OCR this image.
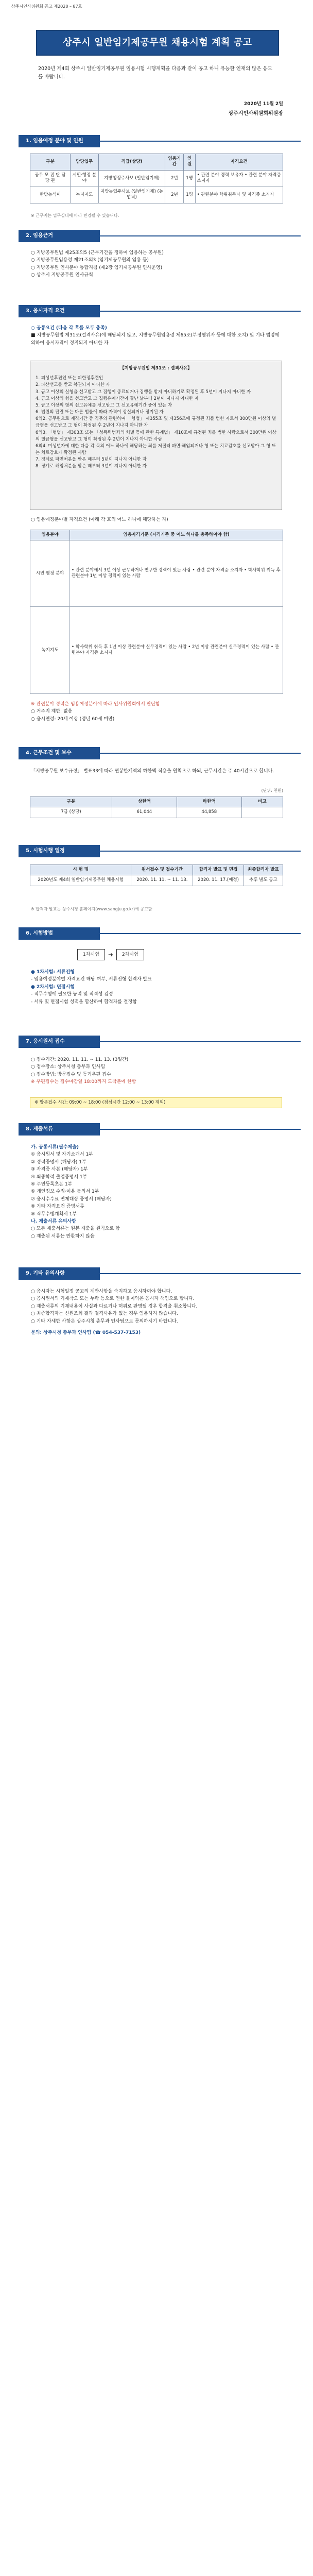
상주시인사위원회 공고 제2020 – 87호
상주시 일반임기제공무원 채용시험 계획 공고
2020년 제4회 상주시 일반임기제공무원 임용시험 시행계획을 다음과 같이 공고 하니 유능한 인재의 많은 응모를 바랍니다.
2020년 11월 2일
상주시인사위원회위원장
1. 임용예정 분야 및 인원
구분	담당업무	직급(상당)	임용기간	인원	자격요건
공무 모 집 단 담 당 관	시민·행정 분야	지방행정주사보 (일반임기제)	2년	1명	• 관련 분야 경력 보유자 • 관련 분야 자격증 소지자
한방농식미	녹지지도	지방농업주사보 (일반임기제) (농업직)	2년	1명	• 관련분야 학위취득자 및 자격증 소지자
※ 근무지는 업무실태에 따라 변경될 수 있습니다.
2. 임용근거

○ 지방공무원법 제25조의5 (근무기간을 정하여 임용하는 공무원)

○ 지방공무원임용령 제21조의3 (임기제공무원의 임용 등)

○ 지방공무원 인사분야 통합지침 (제2장 임기제공무원 인사운영)

○ 상주시 지방공무원 인사규칙

3. 응시자격 요건

○ 공통요건 (다음 각 호를 모두 충족)

■ 지방공무원법 제31조(결격사유)에 해당되지 않고, 지방공무원임용령 제65조(부정행위자 등에 대한 조치) 및 기타 법령에 의하여 응시자격이 정지되지 아니한 자

【지방공무원법 제31조 : 결격사유】

1. 피성년후견인 또는 피한정후견인

2. 파산선고를 받고 복권되지 아니한 자

3. 금고 이상의 실형을 선고받고 그 집행이 종료되거나 집행을 받지 아니하기로 확정된 후 5년이 지나지 아니한 자

4. 금고 이상의 형을 선고받고 그 집행유예기간이 끝난 날부터 2년이 지나지 아니한 자

5. 금고 이상의 형의 선고유예를 선고받고 그 선고유예기간 중에 있는 자

6. 법원의 판결 또는 다른 법률에 따라 자격이 상실되거나 정지된 자

6의2. 공무원으로 재직기간 중 직무와 관련하여 「형법」 제355조 및 제356조에 규정된 죄를 범한 자로서 300만원 이상의 벌금형을 선고받고 그 형이 확정된 후 2년이 지나지 아니한 자

6의3. 「형법」 제303조 또는 「성폭력범죄의 처벌 등에 관한 특례법」 제10조에 규정된 죄를 범한 사람으로서 300만원 이상의 벌금형을 선고받고 그 형이 확정된 후 2년이 지나지 아니한 사람

6의4. 미성년자에 대한 다음 각 목의 어느 하나에 해당하는 죄를 저질러 파면·해임되거나 형 또는 치료감호를 선고받아 그 형 또는 치료감호가 확정된 사람

7. 징계로 파면처분을 받은 때부터 5년이 지나지 아니한 자

8. 징계로 해임처분을 받은 때부터 3년이 지나지 아니한 자

○ 임용예정분야별 자격요건 (아래 각 호의 어느 하나에 해당하는 자)

임용분야	임용자격기준 (자격기준 중 어느 하나를 충족하여야 함)
시민·행정 분야	• 관련 분야에서 3년 이상 근무하거나 연구한 경력이 있는 사람 • 관련 분야 자격증 소지자 • 학사학위 취득 후 관련분야 1년 이상 경력이 있는 사람
녹지지도	• 학사학위 취득 후 1년 이상 관련분야 실무경력이 있는 사람 • 2년 이상 관련분야 실무경력이 있는 사람 • 관련분야 자격증 소지자

※ 관련분야 경력은 임용예정분야에 따라 인사위원회에서 판단함

○ 거주지 제한: 없음

○ 응시연령: 20세 이상 (정년 60세 미만)

4. 근무조건 및 보수
「지방공무원 보수규정」 별표33에 따라 연봉한계액의 하한액 적용을 원칙으로 하되, 근무시간은 주 40시간으로 합니다.
(단위: 천원)
구분	상한액	하한액	비고
7급 (상당)	61,044	44,858	
5. 시험시행 일정
시 험 명	원서접수 및 접수기간	합격자 발표 및 면접	최종합격자 발표
2020년도 제4회 일반임기제공무원 채용시험	2020. 11. 11. ~ 11. 13.	2020. 11. 17.(예정)	추후 별도 공고
※ 합격자 발표는 상주시청 홈페이지(www.sangju.go.kr)에 공고함
6. 시험방법
1차시험	➜	2차시험

● 1차시험: 서류전형

- 임용예정분야별 자격요건 해당 여부, 서류전형 합격자 발표

● 2차시험: 면접시험

- 직무수행에 필요한 능력 및 적격성 검정

- 서류 및 면접시험 성적을 합산하여 합격자를 결정함

7. 응시원서 접수

○ 접수기간: 2020. 11. 11. ~ 11. 13. (3일간)

○ 접수장소: 상주시청 총무과 인사팀

○ 접수방법: 방문접수 및 등기우편 접수

※ 우편접수는 접수마감일 18:00까지 도착분에 한함

※ 방문접수 시간: 09:00 ~ 18:00 (점심시간 12:00 ~ 13:00 제외)
8. 제출서류

가. 공통서류(필수제출)

① 응시원서 및 자기소개서 1부

② 경력증명서 (해당자) 1부

③ 자격증 사본 (해당자) 1부

④ 최종학력 졸업증명서 1부

⑤ 주민등록초본 1부

⑥ 개인정보 수집·이용 동의서 1부

⑦ 응시수수료 면제대상 증명서 (해당자)

⑧ 기타 자격요건 증빙서류

⑨ 직무수행계획서 1부

나. 제출서류 유의사항

○ 모든 제출서류는 원본 제출을 원칙으로 함

○ 제출된 서류는 반환하지 않음

9. 기타 유의사항

○ 응시자는 시험일정 공고의 제반사항을 숙지하고 응시하여야 합니다.

○ 응시원서의 기재착오 또는 누락 등으로 인한 불이익은 응시자 책임으로 합니다.

○ 제출서류의 기재내용이 사실과 다르거나 허위로 판명될 경우 합격을 취소합니다.

○ 최종합격자는 신원조회 결과 결격사유가 있는 경우 임용하지 않습니다.

○ 기타 자세한 사항은 상주시청 총무과 인사팀으로 문의하시기 바랍니다.

문의: 상주시청 총무과 인사팀 (☎ 054-537-7153)
